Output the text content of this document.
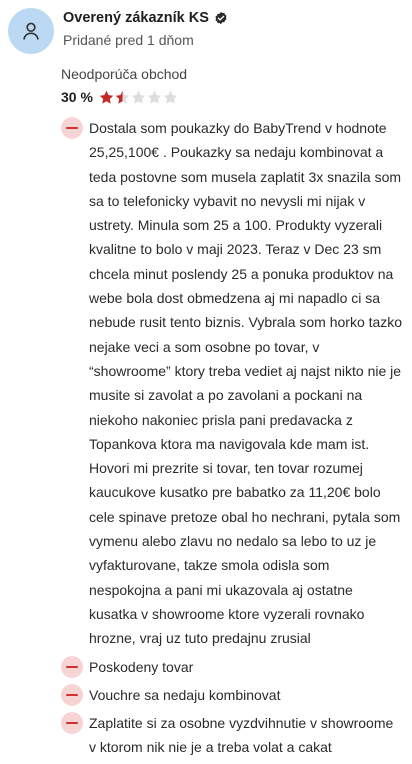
Overený zákazník KS
Pridané pred 1 dňom
Neodporúča obchod
30 %
Dostala som poukazky do BabyTrend v hodnote 25,25,100€ . Poukazky sa nedaju kombinovat a teda postovne som musela zaplatit 3x snazila som sa to telefonicky vybavit no nevysli mi nijak v ustrety. Minula som 25 a 100. Produkty vyzerali kvalitne to bolo v maji 2023. Teraz v Dec 23 sm chcela minut poslendy 25 a ponuka produktov na webe bola dost obmedzena aj mi napadlo ci sa nebude rusit tento biznis. Vybrala som horko tazko nejake veci a som osobne po tovar, v “showroome” ktory treba vediet aj najst nikto nie je musite si zavolat a po zavolani a pockani na niekoho nakoniec prisla pani predavacka z Topankova ktora ma navigovala kde mam ist. Hovori mi prezrite si tovar, ten tovar rozumej kaucukove kusatko pre babatko za 11,20€ bolo cele spinave pretoze obal ho nechrani, pytala som vymenu alebo zlavu no nedalo sa lebo to uz je vyfakturovane, takze smola odisla som nespokojna a pani mi ukazovala aj ostatne kusatka v showroome ktore vyzerali rovnako hrozne, vraj uz tuto predajnu zrusial
Poskodeny tovar
Vouchre sa nedaju kombinovat
Zaplatite si za osobne vyzdvihnutie v showroome v ktorom nik nie je a treba volat a cakat
